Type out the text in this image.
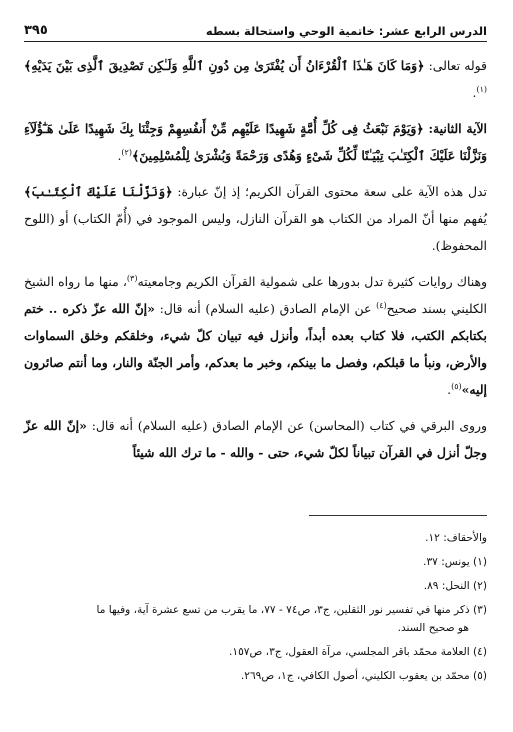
الدرس الرابع عشر: خاتمية الوحي واستحالة بسطه
٣٩٥

قوله تعالى: ﴿وَمَا كَانَ هَـٰذَا ٱلْقُرْءَانُ أَن يُفْتَرَىٰ مِن دُونِ ٱللَّهِ وَلَـٰكِن تَصْدِيقَ ٱلَّذِى بَيْنَ يَدَيْهِ﴾$^{(١)}$.

الآية الثانية: ﴿وَيَوْمَ نَبْعَثُ فِى كُلِّ أُمَّةٍ شَهِيدًا عَلَيْهِم مِّنْ أَنفُسِهِمْ وَجِئْنَا بِكَ شَهِيدًا عَلَىٰ هَـٰٓؤُلَآءِ وَنَزَّلْنَا عَلَيْكَ ٱلْكِتَـٰبَ تِبْيَـٰنًا لِّكُلِّ شَىْءٍ وَهُدًى وَرَحْمَةً وَبُشْرَىٰ لِلْمُسْلِمِينَ﴾$^{(٢)}$.

تدل هذه الآية على سعة محتوى القرآن الكريم؛ إذ إنّ عبارة: ﴿وَنَزَّلْنَا عَلَيْكَ ٱلْكِتَـٰبَ﴾ يُفهم منها أنّ المراد من الكتاب هو القرآن النازل، وليس الموجود في (أُمّ الكتاب) أو (اللوح المحفوظ).

وهناك روايات كثيرة تدل بدورها على شمولية القرآن الكريم وجامعيته$^{(٣)}$، منها ما رواه الشيخ الكليني بسند صحيح$^{(٤)}$ عن الإمام الصادق (عليه السلام) أنه قال: «إنّ الله عزّ ذكره .. ختم بكتابكم الكتب، فلا كتاب بعده أبداً، وأنزل فيه تبيان كلّ شيء، وخلقكم وخلق السماوات والأرض، ونبأ ما قبلكم، وفصل ما بينكم، وخبر ما بعدكم، وأمر الجنّة والنار، وما أنتم صائرون إليه»$^{(٥)}$.

وروى البرقي في كتاب (المحاسن) عن الإمام الصادق (عليه السلام) أنه قال: «إنّ الله عزّ وجلّ أنزل في القرآن تبياناً لكلّ شيء، حتى - والله - ما ترك الله شيئاً

والأحقاف: ١٢.

(١) يونس: ٣٧.

(٢) النحل: ٨٩.

(٣) ذكر منها في تفسير نور الثقلين، ج٣، ص٧٤ - ٧٧، ما يقرب من تسع عشرة آية، وفيها ما

هو صحيح السند.

(٤) العلامة محمّد باقر المجلسي، مرآة العقول، ج٣، ص١٥٧.

(٥) محمّد بن يعقوب الكليني، أصول الكافي، ج١، ص٢٦٩.
